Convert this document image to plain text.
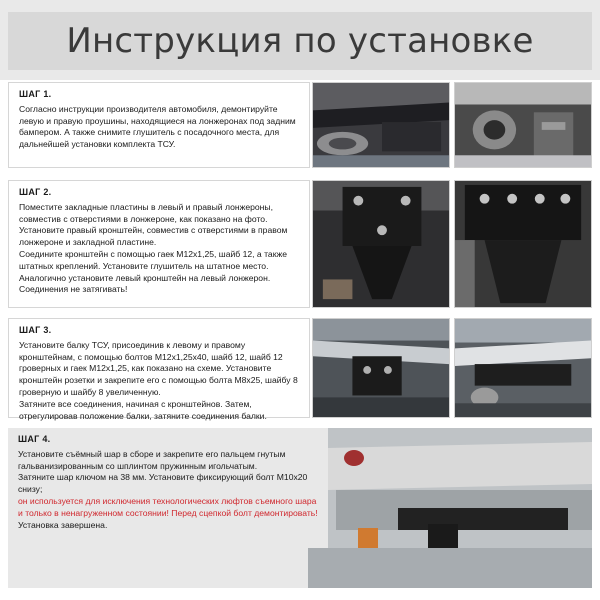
Инструкция по установке
ШАГ 1.

Согласно инструкции производителя автомобиля, демонтируйте левую и правую проушины, находящиеся на лонжеронах под задним бампером. А также снимите глушитель с посадочного места, для дальнейшей установки комплекта ТСУ.

ШАГ 2.

Поместите закладные пластины в левый и правый лонжероны, совместив с отверстиями в лонжероне, как показано на фото.

Установите правый кронштейн, совместив с отверстиями в правом лонжероне и закладной пластине.

Соедините кронштейн с помощью гаек М12х1,25, шайб 12, а также штатных креплений. Установите глушитель на штатное место.

Аналогично установите левый кронштейн на левый лонжерон.

Соединения не затягивать!

ШАГ 3.

Установите балку ТСУ, присоединив к левому и правому кронштейнам, с помощью болтов М12х1,25х40, шайб 12, шайб 12 гроверных и гаек М12х1,25, как показано на схеме. Установите кронштейн розетки и закрепите его с помощью болта М8х25, шайбу 8 гроверную и шайбу 8 увеличенную.

Затяните все соединения, начиная с кронштейнов. Затем, отрегулировав положение балки, затяните соединения балки.

ШАГ 4.

Установите съёмный шар в сборе и закрепите его пальцем гнутым гальванизированным со шплинтом пружинным игольчатым.

Затяните шар ключом на 38 мм. Установите фиксирующий болт М10х20 снизу;

он используется для исключения технологических люфтов съемного шара и только в ненагруженном состоянии! Перед сцепкой болт демонтировать!

Установка завершена.
